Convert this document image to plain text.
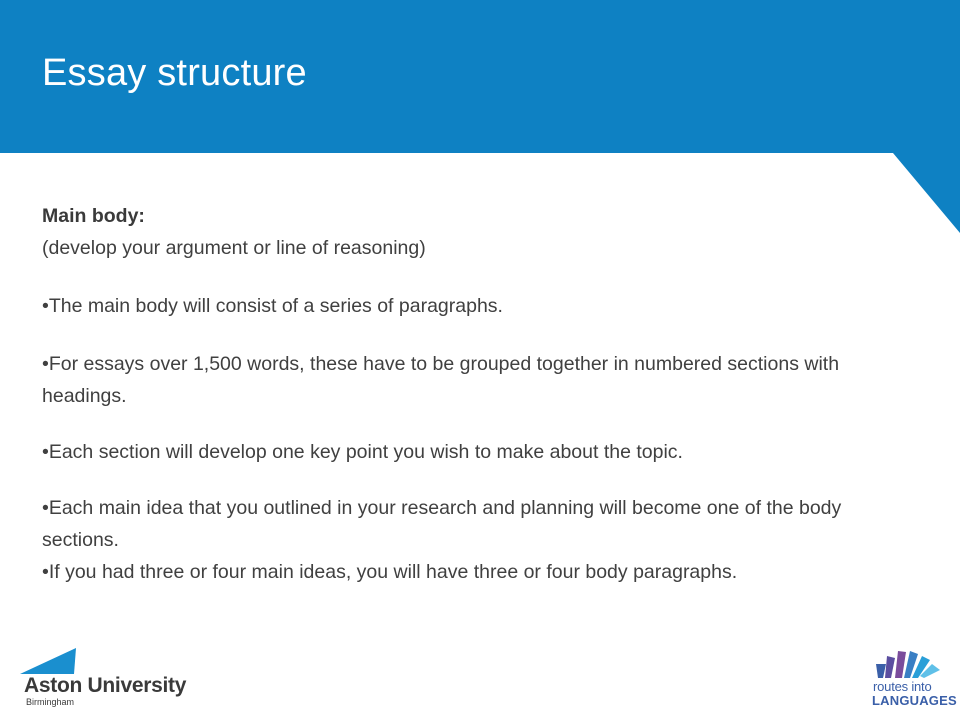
Essay structure

Main body:

(develop your argument or line of reasoning)

•The main body will consist of a series of paragraphs.

•For essays over 1,500 words, these have to be grouped together in numbered sections with headings.

•Each section will develop one key point you wish to make about the topic.

•Each main idea that you outlined in your research and planning will become one of the body sections.

•If you had three or four main ideas, you will have three or four body paragraphs.

Aston University
Birmingham
routes into
LANGUAGES
